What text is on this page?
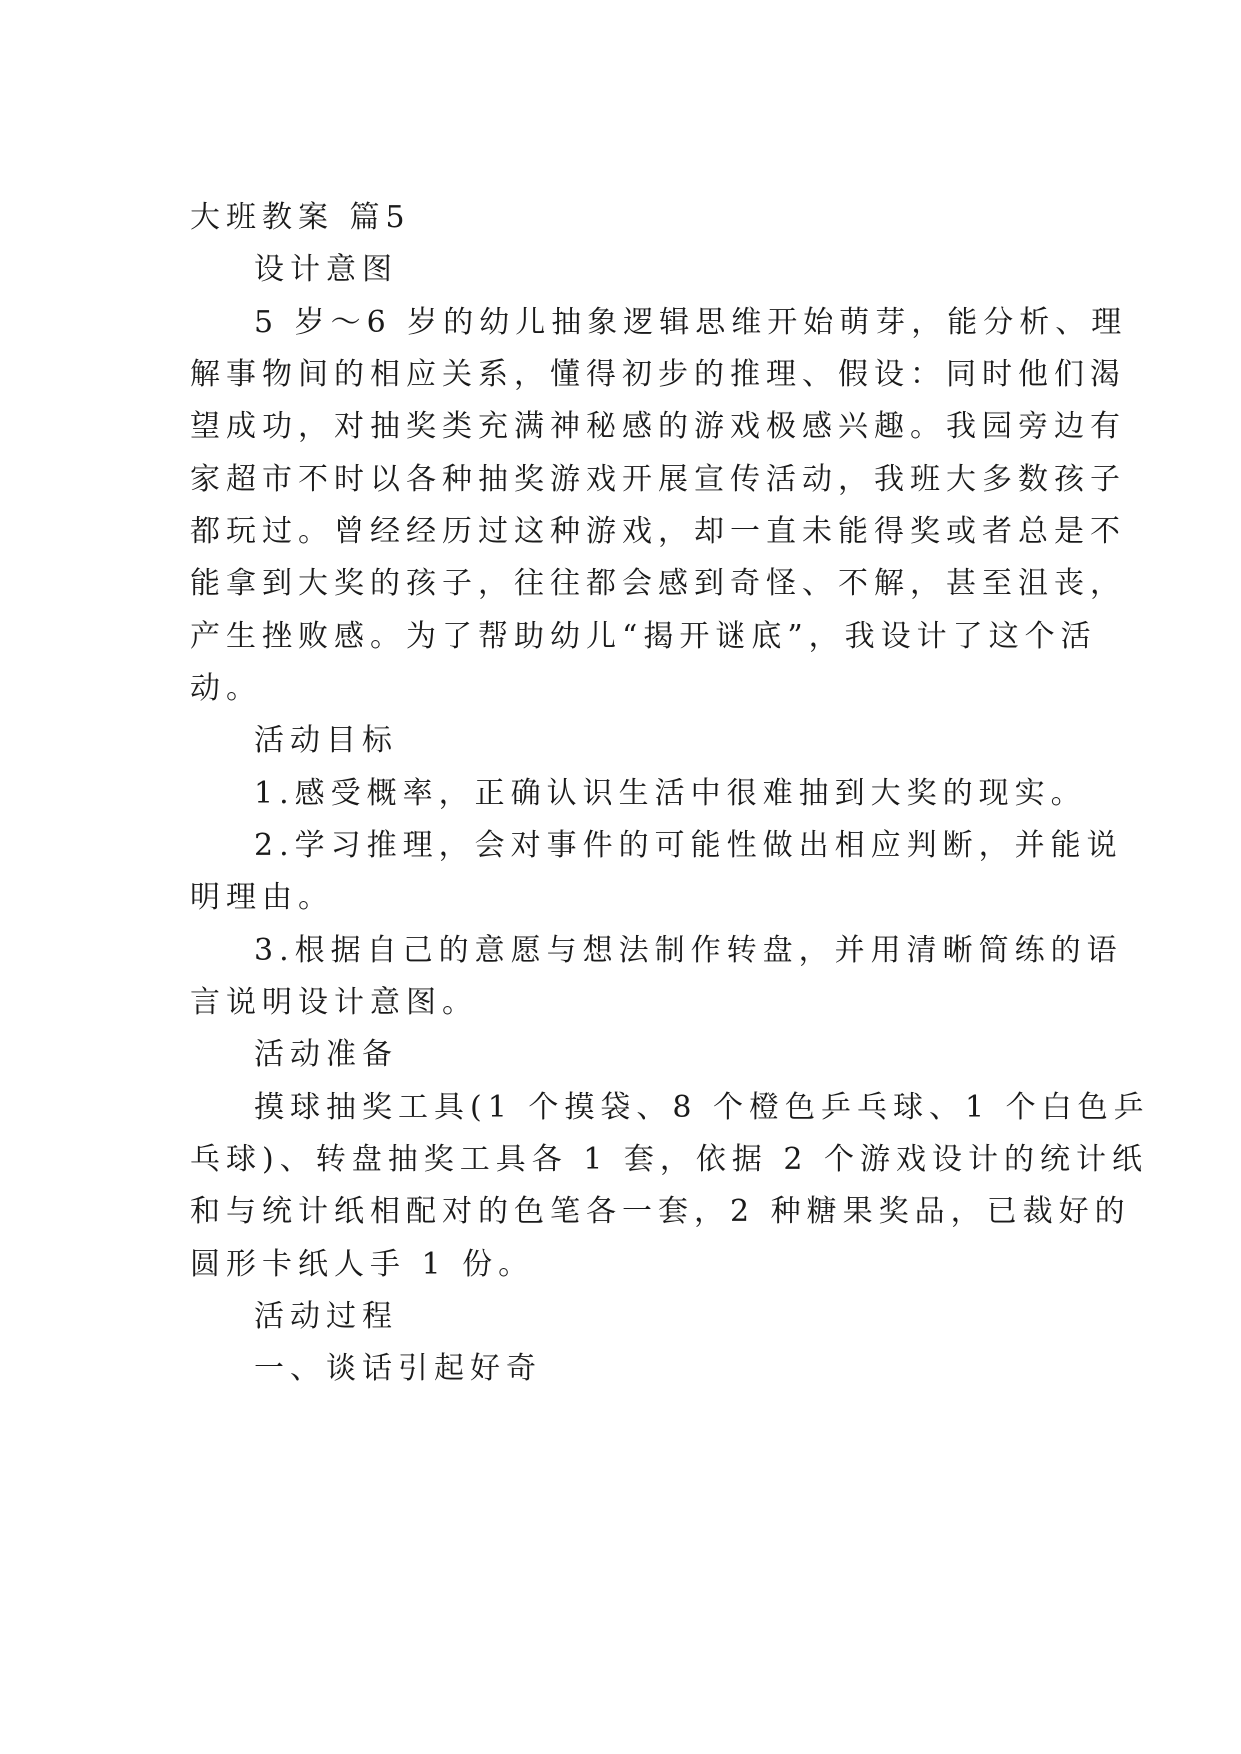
大班教案 篇5
设计意图
5 岁～6 岁的幼儿抽象逻辑思维开始萌芽，能分析、理
解事物间的相应关系，懂得初步的推理、假设：同时他们渴
望成功，对抽奖类充满神秘感的游戏极感兴趣。我园旁边有
家超市不时以各种抽奖游戏开展宣传活动，我班大多数孩子
都玩过。曾经经历过这种游戏，却一直未能得奖或者总是不
能拿到大奖的孩子，往往都会感到奇怪、不解，甚至沮丧，
产生挫败感。为了帮助幼儿“揭开谜底”，我设计了这个活
动。
活动目标
1.感受概率，正确认识生活中很难抽到大奖的现实。
2.学习推理，会对事件的可能性做出相应判断，并能说
明理由。
3.根据自己的意愿与想法制作转盘，并用清晰简练的语
言说明设计意图。
活动准备
摸球抽奖工具(1 个摸袋、8 个橙色乒乓球、1 个白色乒
乓球)、转盘抽奖工具各 1 套，依据 2 个游戏设计的统计纸
和与统计纸相配对的色笔各一套，2 种糖果奖品，已裁好的
圆形卡纸人手 1 份。
活动过程
一、谈话引起好奇
